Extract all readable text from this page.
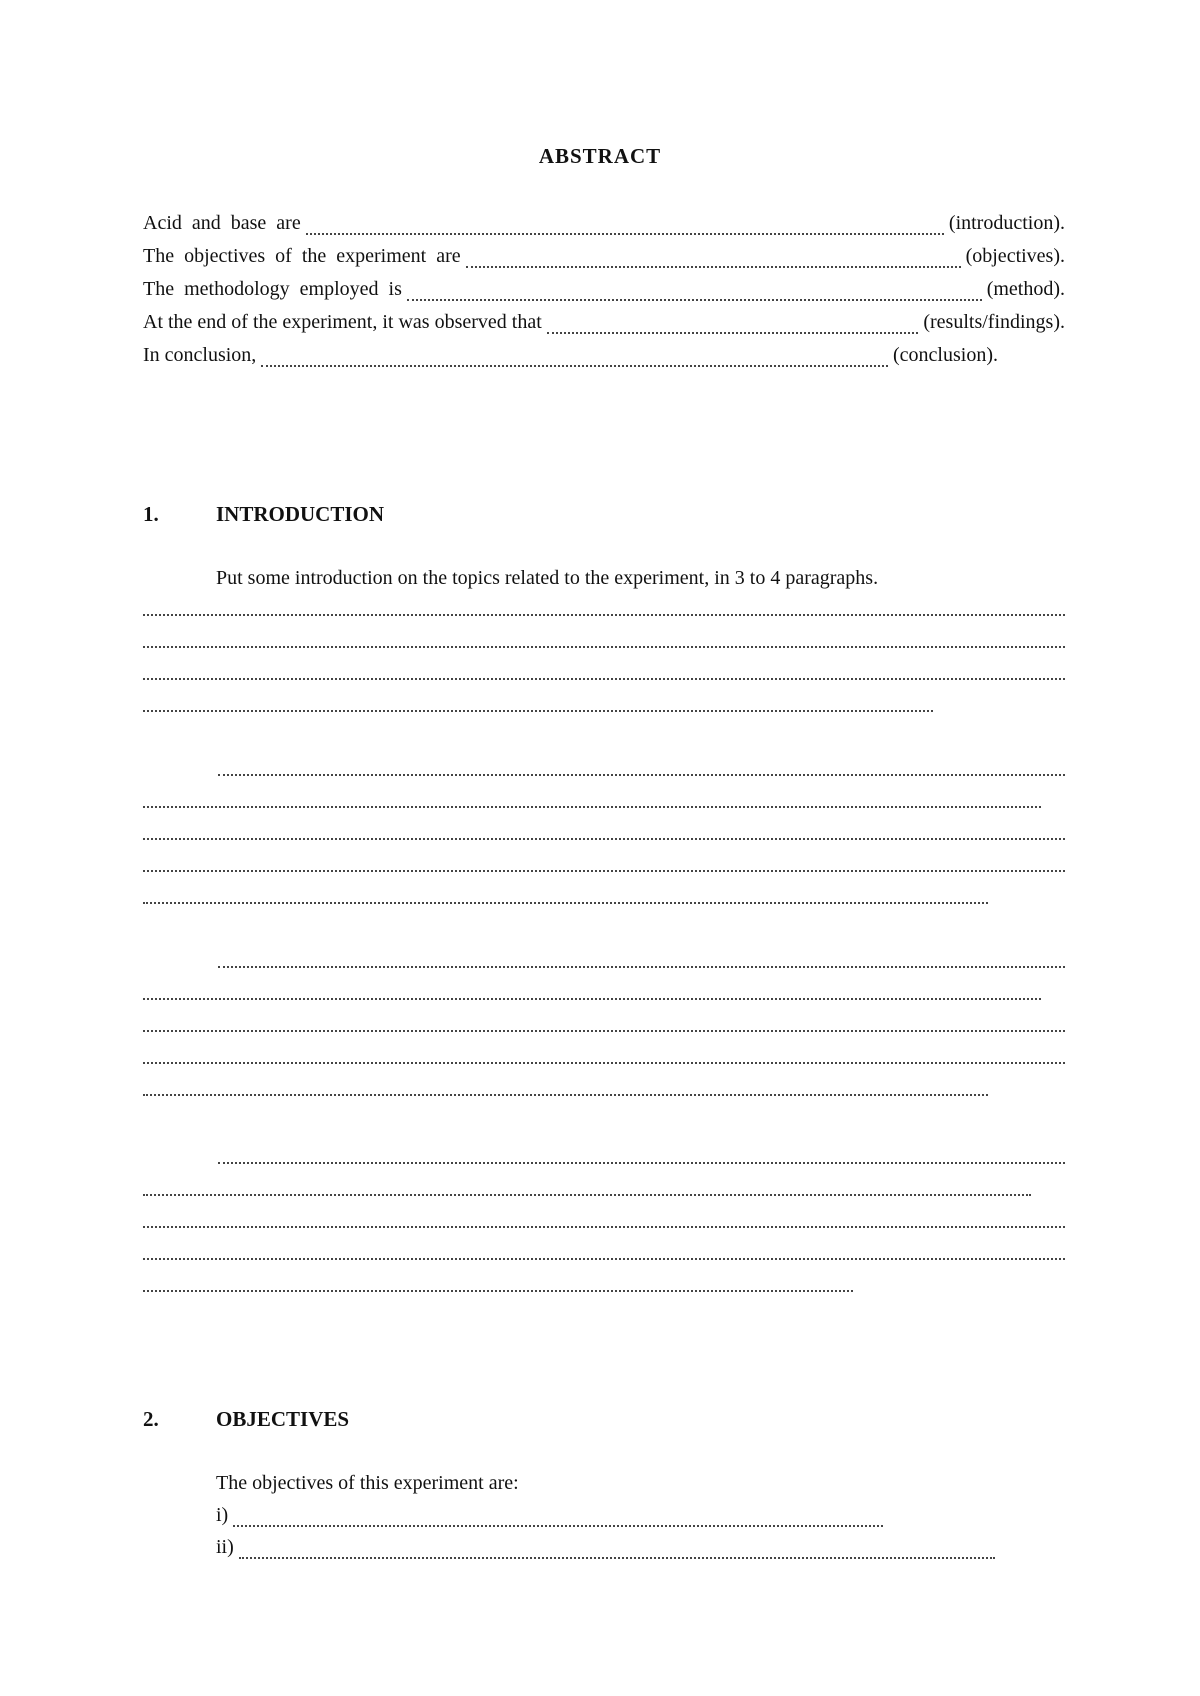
ABSTRACT
Acid  and  base  are	(introduction).
The  objectives  of  the  experiment  are	(objectives).
The  methodology  employed  is	(method).
At the end of the experiment, it was observed that	(results/findings).
In conclusion,	(conclusion).
1.	INTRODUCTION
Put some introduction on the topics related to the experiment, in 3 to 4 paragraphs.
2.	OBJECTIVES
The objectives of this experiment are:
i)
ii)
